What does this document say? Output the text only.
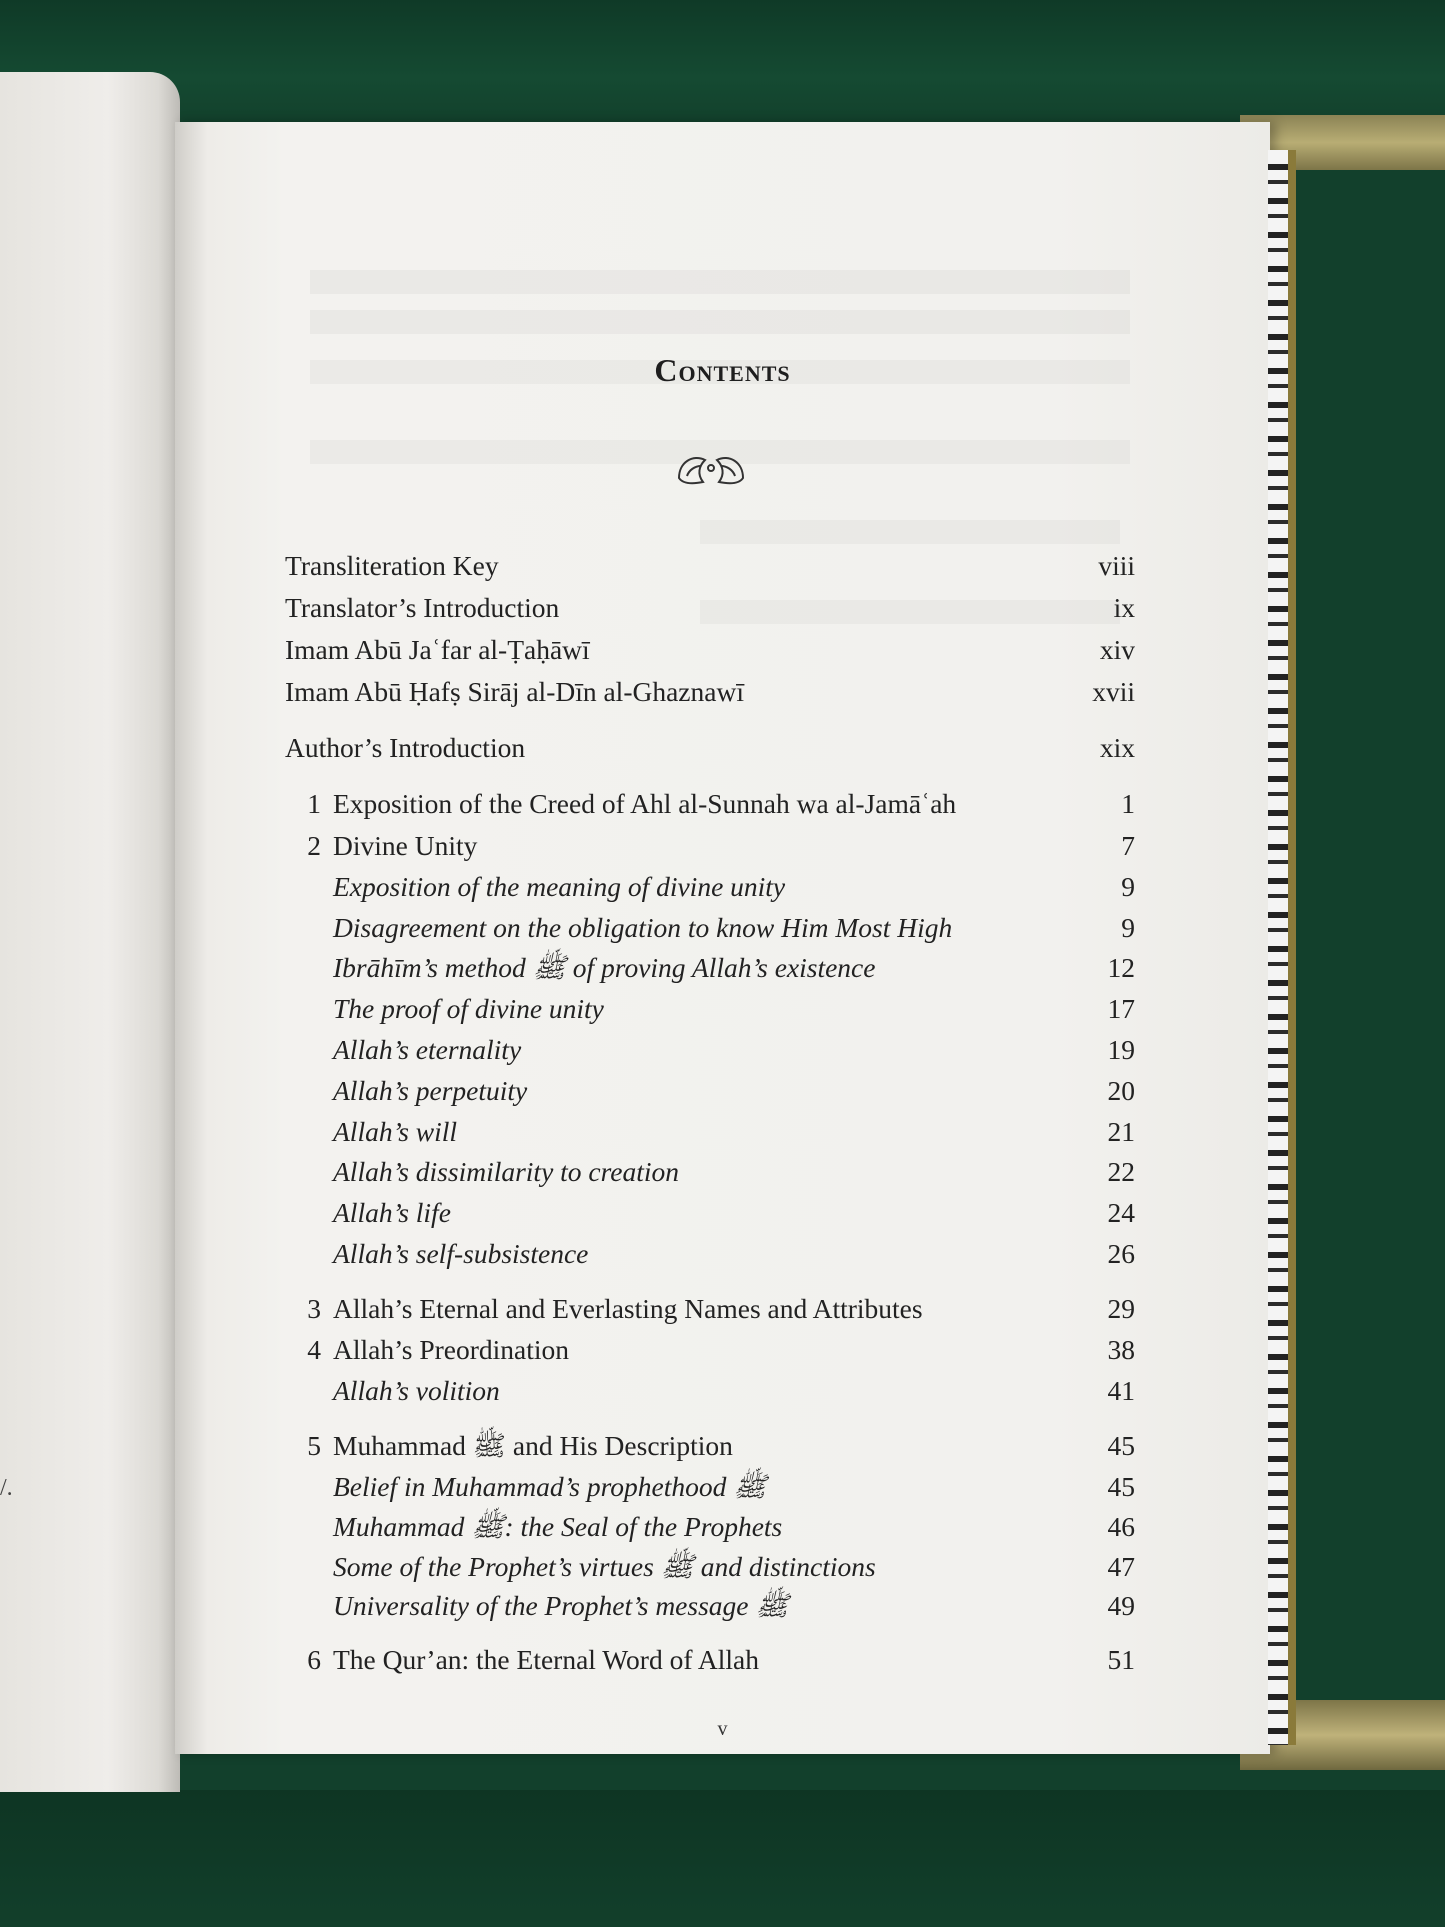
/.
Contents
Transliteration Key	viii
Translator’s Introduction	ix
Imam Abū Jaʿfar al-Ṭaḥāwī	xiv
Imam Abū Ḥafṣ Sirāj al-Dīn al-Ghaznawī	xvii
Author’s Introduction	xix
1 Exposition of the Creed of Ahl al-Sunnah wa al-Jamāʿah	1
2 Divine Unity	7
Exposition of the meaning of divine unity	9
Disagreement on the obligation to know Him Most High	9
Ibrāhīm’s method ﷺ of proving Allah’s existence	12
The proof of divine unity	17
Allah’s eternality	19
Allah’s perpetuity	20
Allah’s will	21
Allah’s dissimilarity to creation	22
Allah’s life	24
Allah’s self-subsistence	26
3 Allah’s Eternal and Everlasting Names and Attributes	29
4 Allah’s Preordination	38
Allah’s volition	41
5 Muhammad ﷺ and His Description	45
Belief in Muhammad’s prophethood ﷺ	45
Muhammad ﷺ: the Seal of the Prophets	46
Some of the Prophet’s virtues ﷺ and distinctions	47
Universality of the Prophet’s message ﷺ	49
6 The Qur’an: the Eternal Word of Allah	51
v
